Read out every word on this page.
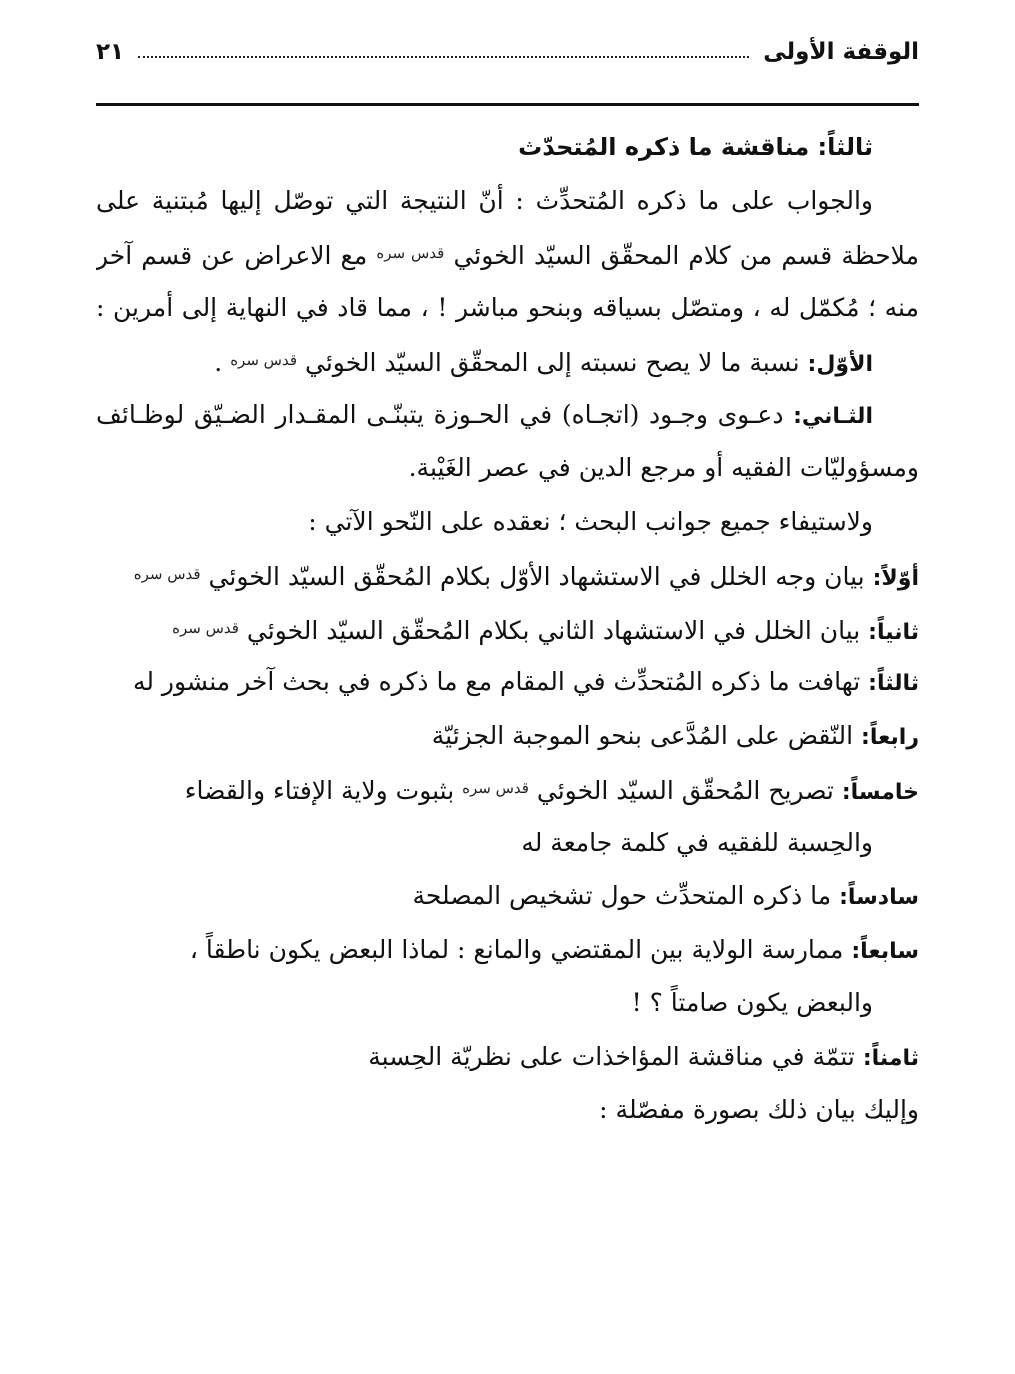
الوقفة الأولى
٢١
ثالثاً: مناقشة ما ذكره المُتحدّث
والجواب على ما ذكره المُتحدِّث : أنّ النتيجة التي توصّل إليها مُبتنية على
ملاحظة قسم من كلام المحقّق السيّد الخوئي $^{قدس سره}$ مع الاعراض عن قسم آخر
منه ؛ مُكمّل له ، ومتصّل بسياقه وبنحو مباشر ! ، مما قاد في النهاية إلى أمرين :
الأوّل: نسبة ما لا يصح نسبته إلى المحقّق السيّد الخوئي $^{قدس سره}$ .
الثـاني: دعـوى وجـود (اتجـاه) في الحـوزة يتبنّـى المقـدار الضـيّق لوظـائف
ومسؤوليّات الفقيه أو مرجع الدين في عصر الغَيْبة.
ولاستيفاء جميع جوانب البحث ؛ نعقده على النّحو الآتي :
أوّلاً: بيان وجه الخلل في الاستشهاد الأوّل بكلام المُحقّق السيّد الخوئي $^{قدس سره}$
ثانياً: بيان الخلل في الاستشهاد الثاني بكلام المُحقّق السيّد الخوئي $^{قدس سره}$
ثالثاً: تهافت ما ذكره المُتحدِّث في المقام مع ما ذكره في بحث آخر منشور له
رابعاً: النّقض على المُدَّعى بنحو الموجبة الجزئيّة
خامساً: تصريح المُحقّق السيّد الخوئي $^{قدس سره}$ بثبوت ولاية الإفتاء والقضاء
والحِسبة للفقيه في كلمة جامعة له
سادساً: ما ذكره المتحدِّث حول تشخيص المصلحة
سابعاً: ممارسة الولاية بين المقتضي والمانع : لماذا البعض يكون ناطقاً ،
والبعض يكون صامتاً ؟ !
ثامناً: تتمّة في مناقشة المؤاخذات على نظريّة الحِسبة
وإليك بيان ذلك بصورة مفصّلة :
